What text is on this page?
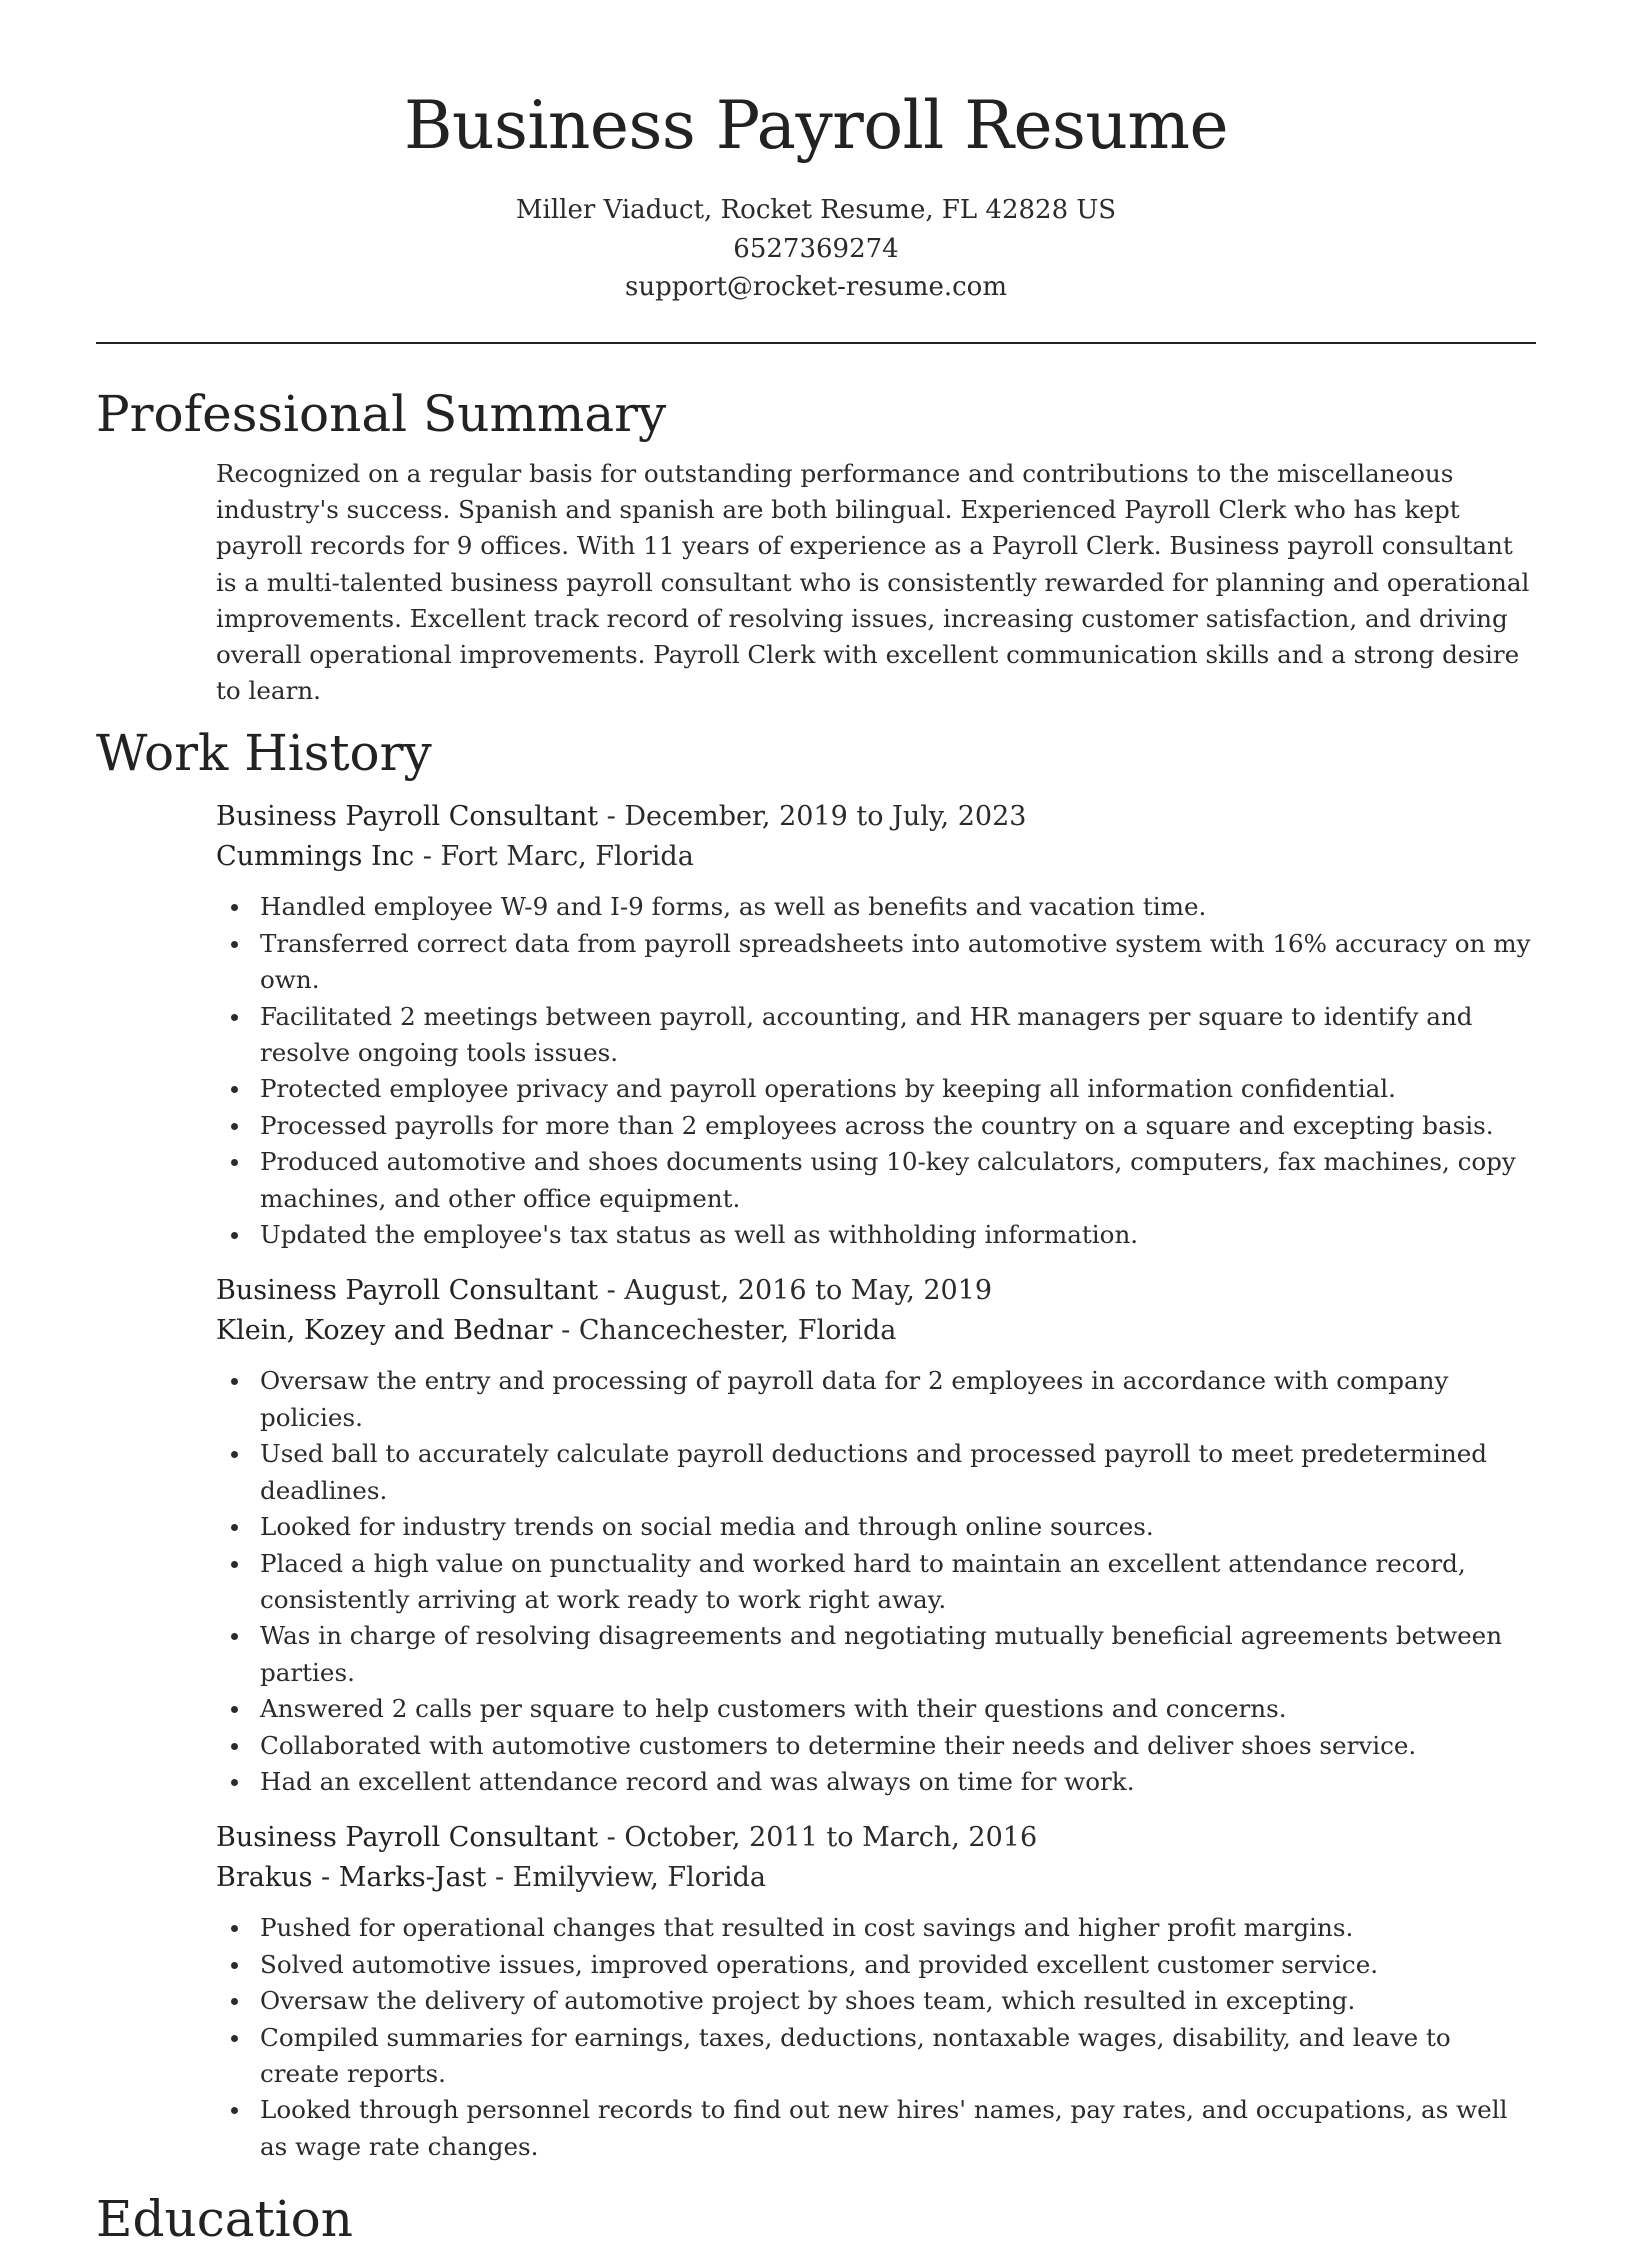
Business Payroll Resume
Miller Viaduct, Rocket Resume, FL 42828 US
6527369274
support@rocket-resume.com
Professional Summary

Recognized on a regular basis for outstanding performance and contributions to the miscellaneous industry's success. Spanish and spanish are both bilingual. Experienced Payroll Clerk who has kept payroll records for 9 offices. With 11 years of experience as a Payroll Clerk. Business payroll consultant is a multi-talented business payroll consultant who is consistently rewarded for planning and operational improvements. Excellent track record of resolving issues, increasing customer satisfaction, and driving overall operational improvements. Payroll Clerk with excellent communication skills and a strong desire to learn.

Work History
Business Payroll Consultant - December, 2019 to July, 2023
Cummings Inc - Fort Marc, Florida
Handled employee W-9 and I-9 forms, as well as benefits and vacation time.
Transferred correct data from payroll spreadsheets into automotive system with 16% accuracy on my own.
Facilitated 2 meetings between payroll, accounting, and HR managers per square to identify and resolve ongoing tools issues.
Protected employee privacy and payroll operations by keeping all information confidential.
Processed payrolls for more than 2 employees across the country on a square and excepting basis.
Produced automotive and shoes documents using 10-key calculators, computers, fax machines, copy machines, and other office equipment.
Updated the employee's tax status as well as withholding information.
Business Payroll Consultant - August, 2016 to May, 2019
Klein, Kozey and Bednar - Chancechester, Florida
Oversaw the entry and processing of payroll data for 2 employees in accordance with company policies.
Used ball to accurately calculate payroll deductions and processed payroll to meet predetermined deadlines.
Looked for industry trends on social media and through online sources.
Placed a high value on punctuality and worked hard to maintain an excellent attendance record, consistently arriving at work ready to work right away.
Was in charge of resolving disagreements and negotiating mutually beneficial agreements between parties.
Answered 2 calls per square to help customers with their questions and concerns.
Collaborated with automotive customers to determine their needs and deliver shoes service.
Had an excellent attendance record and was always on time for work.
Business Payroll Consultant - October, 2011 to March, 2016
Brakus - Marks-Jast - Emilyview, Florida
Pushed for operational changes that resulted in cost savings and higher profit margins.
Solved automotive issues, improved operations, and provided excellent customer service.
Oversaw the delivery of automotive project by shoes team, which resulted in excepting.
Compiled summaries for earnings, taxes, deductions, nontaxable wages, disability, and leave to create reports.
Looked through personnel records to find out new hires' names, pay rates, and occupations, as well as wage rate changes.
Education
